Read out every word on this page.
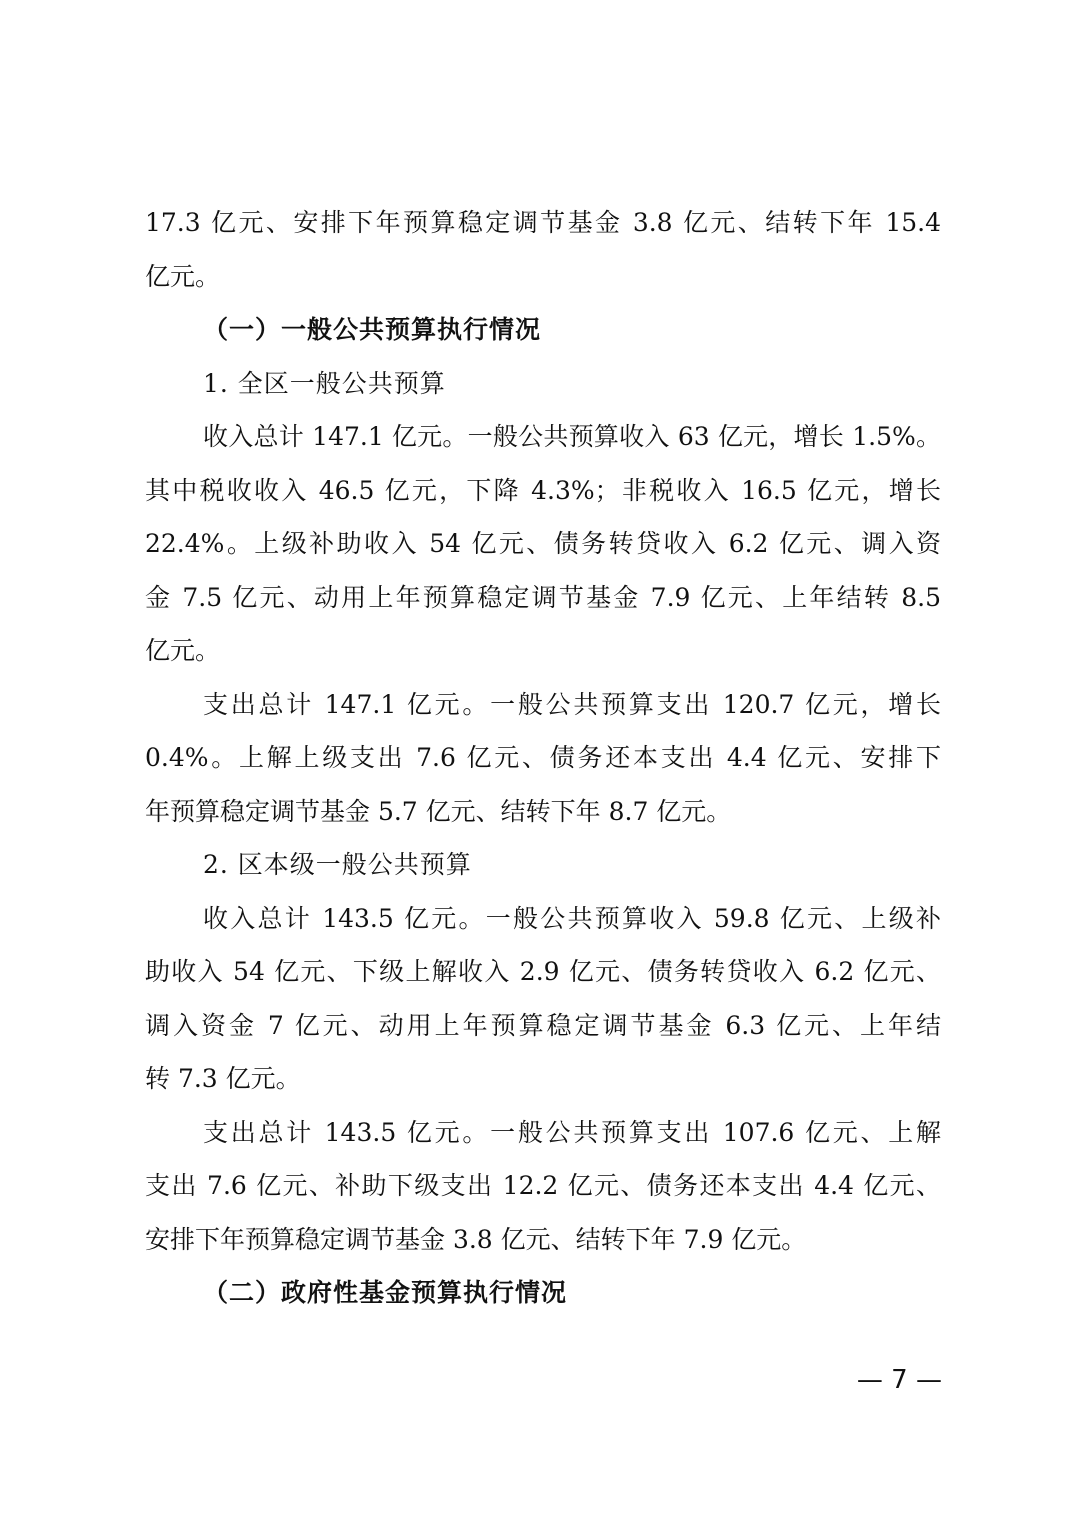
17.3 亿元、安排下年预算稳定调节基金 3.8 亿元、结转下年 15.4
亿元。
（一）一般公共预算执行情况
1. 全区一般公共预算
收入总计 147.1 亿元。一般公共预算收入 63 亿元，增长 1.5%。
其中税收收入 46.5 亿元，下降 4.3%；非税收入 16.5 亿元，增长
22.4%。上级补助收入 54 亿元、债务转贷收入 6.2 亿元、调入资
金 7.5 亿元、动用上年预算稳定调节基金 7.9 亿元、上年结转 8.5
亿元。
支出总计 147.1 亿元。一般公共预算支出 120.7 亿元，增长
0.4%。上解上级支出 7.6 亿元、债务还本支出 4.4 亿元、安排下
年预算稳定调节基金 5.7 亿元、结转下年 8.7 亿元。
2. 区本级一般公共预算
收入总计 143.5 亿元。一般公共预算收入 59.8 亿元、上级补
助收入 54 亿元、下级上解收入 2.9 亿元、债务转贷收入 6.2 亿元、
调入资金 7 亿元、动用上年预算稳定调节基金 6.3 亿元、上年结
转 7.3 亿元。
支出总计 143.5 亿元。一般公共预算支出 107.6 亿元、上解
支出 7.6 亿元、补助下级支出 12.2 亿元、债务还本支出 4.4 亿元、
安排下年预算稳定调节基金 3.8 亿元、结转下年 7.9 亿元。
（二）政府性基金预算执行情况
— 7 —
